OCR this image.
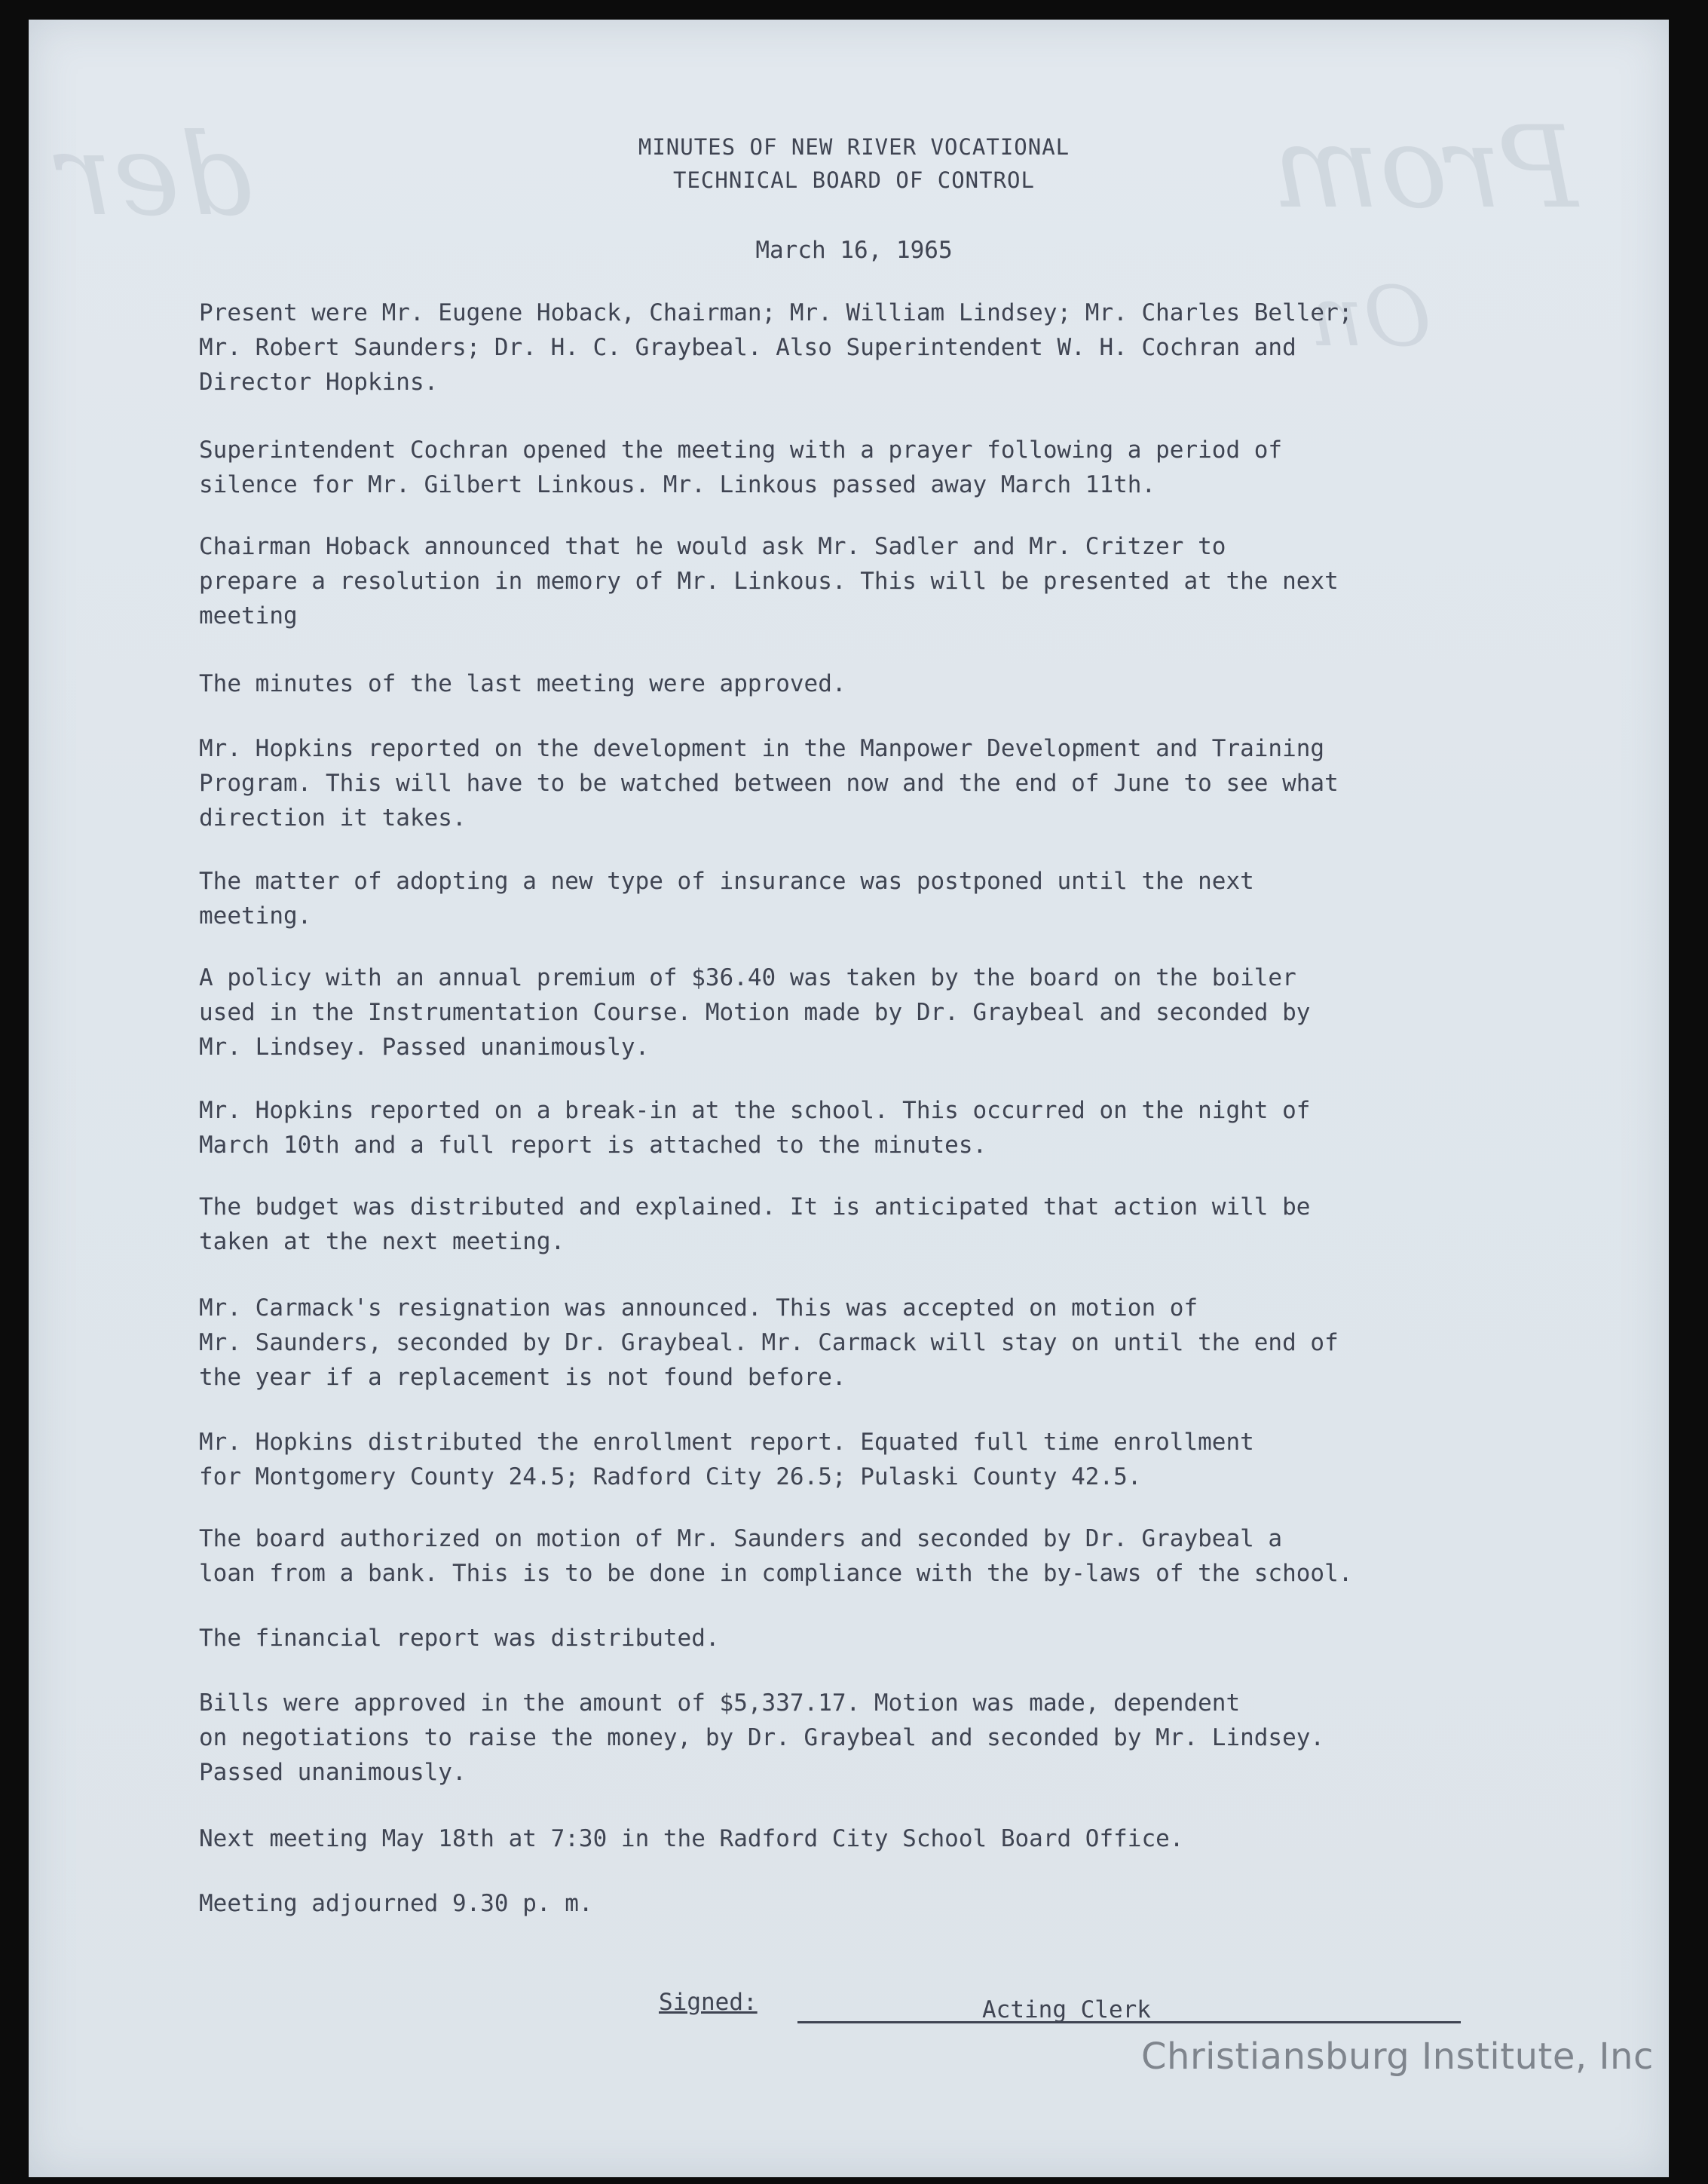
der	Prom
On
MINUTES OF NEW RIVER VOCATIONAL
TECHNICAL BOARD OF CONTROL
March 16, 1965
Present were Mr. Eugene Hoback, Chairman; Mr. William Lindsey; Mr. Charles Beller;
Mr. Robert Saunders; Dr. H. C. Graybeal. Also Superintendent W. H. Cochran and
Director Hopkins.
Superintendent Cochran opened the meeting with a prayer following a period of
silence for Mr. Gilbert Linkous. Mr. Linkous passed away March 11th.
Chairman Hoback announced that he would ask Mr. Sadler and Mr. Critzer to
prepare a resolution in memory of Mr. Linkous. This will be presented at the next
meeting
The minutes of the last meeting were approved.
Mr. Hopkins reported on the development in the Manpower Development and Training
Program. This will have to be watched between now and the end of June to see what
direction it takes.
The matter of adopting a new type of insurance was postponed until the next
meeting.
A policy with an annual premium of $36.40 was taken by the board on the boiler
used in the Instrumentation Course. Motion made by Dr. Graybeal and seconded by
Mr. Lindsey. Passed unanimously.
Mr. Hopkins reported on a break-in at the school. This occurred on the night of
March 10th and a full report is attached to the minutes.
The budget was distributed and explained. It is anticipated that action will be
taken at the next meeting.
Mr. Carmack's resignation was announced. This was accepted on motion of
Mr. Saunders, seconded by Dr. Graybeal. Mr. Carmack will stay on until the end of
the year if a replacement is not found before.
Mr. Hopkins distributed the enrollment report. Equated full time enrollment
for Montgomery County 24.5; Radford City 26.5; Pulaski County 42.5.
The board authorized on motion of Mr. Saunders and seconded by Dr. Graybeal a
loan from a bank. This is to be done in compliance with the by-laws of the school.
The financial report was distributed.
Bills were approved in the amount of $5,337.17. Motion was made, dependent
on negotiations to raise the money, by Dr. Graybeal and seconded by Mr. Lindsey.
Passed unanimously.
Next meeting May 18th at 7:30 in the Radford City School Board Office.
Meeting adjourned 9.30 p. m.
Signed:	Acting Clerk
Christiansburg Institute, Inc
